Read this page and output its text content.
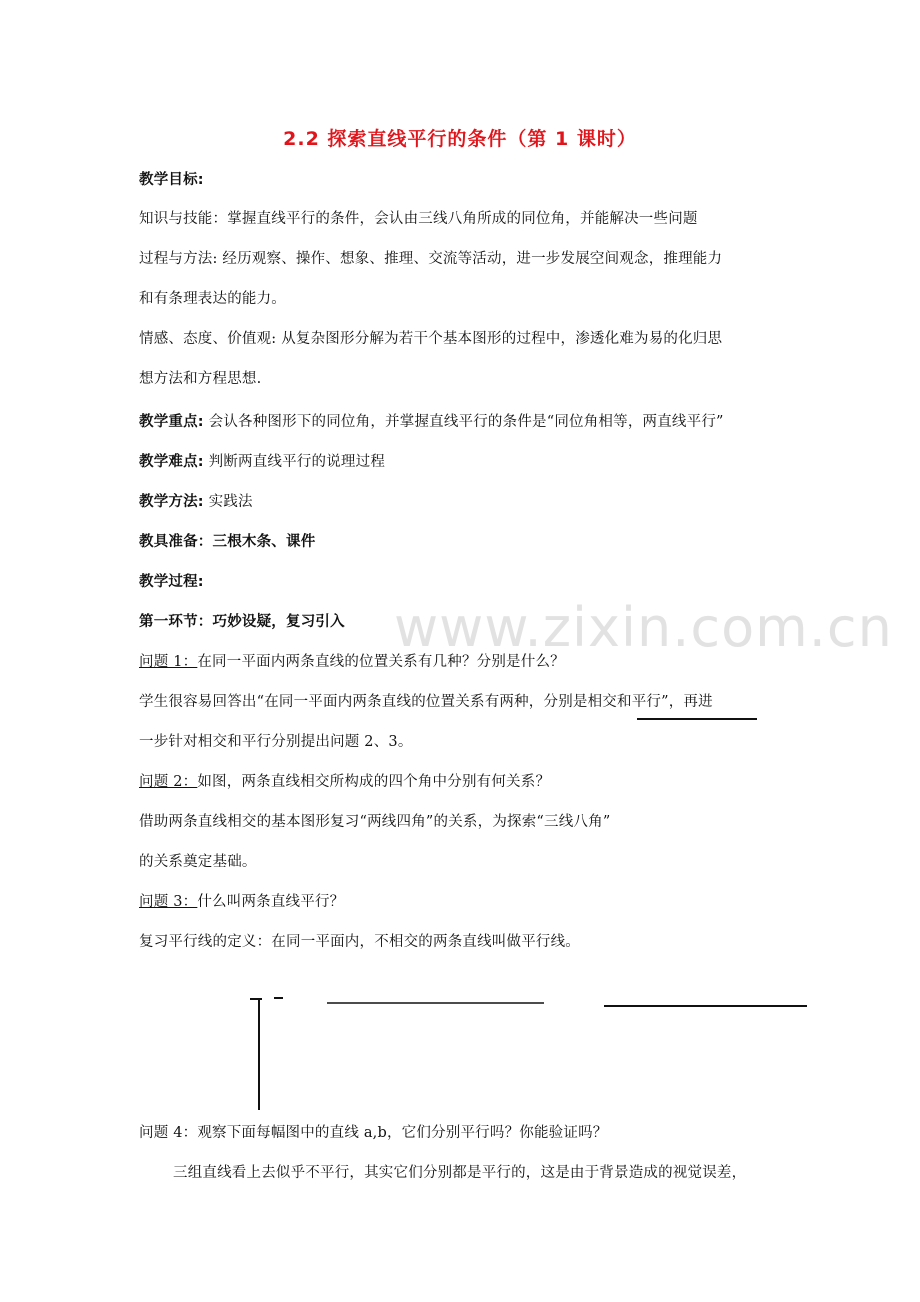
www.zixin.com.cn
2.2 探索直线平行的条件（第 1 课时）
教学目标:
知识与技能：掌握直线平行的条件，会认由三线八角所成的同位角，并能解决一些问题
过程与方法: 经历观察、操作、想象、推理、交流等活动，进一步发展空间观念，推理能力
和有条理表达的能力。
情感、态度、价值观: 从复杂图形分解为若干个基本图形的过程中，渗透化难为易的化归思
想方法和方程思想.
教学重点: 会认各种图形下的同位角，并掌握直线平行的条件是“同位角相等，两直线平行”
教学难点: 判断两直线平行的说理过程
教学方法: 实践法
教具准备：三根木条、课件
教学过程:
第一环节：巧妙设疑，复习引入
问题 1：在同一平面内两条直线的位置关系有几种？分别是什么？
学生很容易回答出“在同一平面内两条直线的位置关系有两种，分别是相交和平行”，再进
一步针对相交和平行分别提出问题 2、3。
问题 2：如图，两条直线相交所构成的四个角中分别有何关系？
借助两条直线相交的基本图形复习“两线四角”的关系，为探索“三线八角”
的关系奠定基础。
问题 3：什么叫两条直线平行？
复习平行线的定义：在同一平面内，不相交的两条直线叫做平行线。
问题 4：观察下面每幅图中的直线 a,b，它们分别平行吗？你能验证吗？
三组直线看上去似乎不平行，其实它们分别都是平行的，这是由于背景造成的视觉误差，
